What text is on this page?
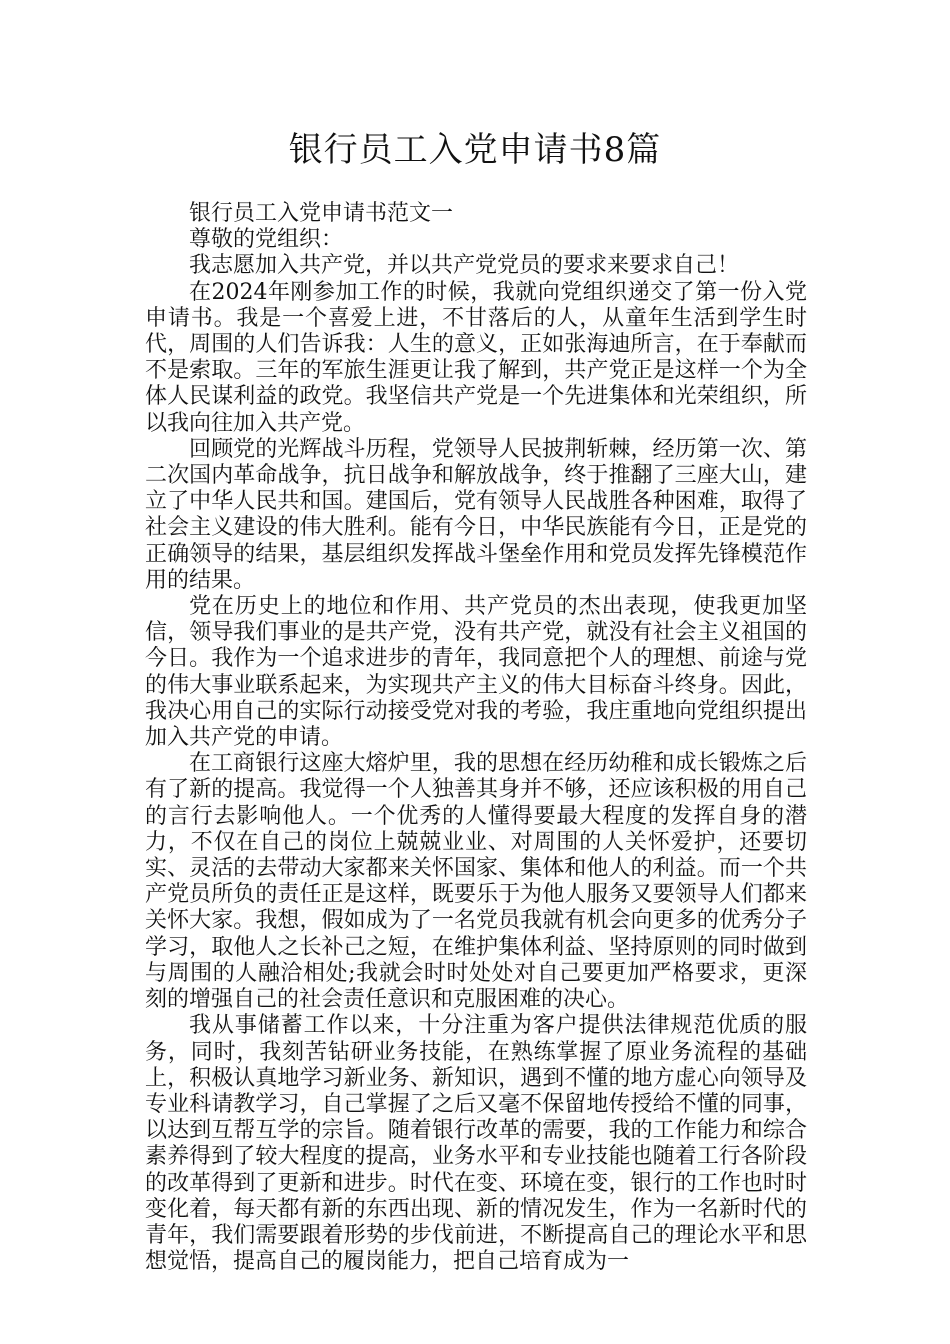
银行员工入党申请书8篇

银行员工入党申请书范文一

尊敬的党组织：

我志愿加入共产党，并以共产党党员的要求来要求自己！

在2024年刚参加工作的时候，我就向党组织递交了第一份入党申请书。我是一个喜爱上进，不甘落后的人，从童年生活到学生时代，周围的人们告诉我：人生的意义，正如张海迪所言，在于奉献而不是索取。三年的军旅生涯更让我了解到，共产党正是这样一个为全体人民谋利益的政党。我坚信共产党是一个先进集体和光荣组织，所以我向往加入共产党。

回顾党的光辉战斗历程，党领导人民披荆斩棘，经历第一次、第二次国内革命战争，抗日战争和解放战争，终于推翻了三座大山，建立了中华人民共和国。建国后，党有领导人民战胜各种困难，取得了社会主义建设的伟大胜利。能有今日，中华民族能有今日，正是党的正确领导的结果，基层组织发挥战斗堡垒作用和党员发挥先锋模范作用的结果。

党在历史上的地位和作用、共产党员的杰出表现，使我更加坚信，领导我们事业的是共产党，没有共产党，就没有社会主义祖国的今日。我作为一个追求进步的青年，我同意把个人的理想、前途与党的伟大事业联系起来，为实现共产主义的伟大目标奋斗终身。因此，我决心用自己的实际行动接受党对我的考验，我庄重地向党组织提出加入共产党的申请。

在工商银行这座大熔炉里，我的思想在经历幼稚和成长锻炼之后有了新的提高。我觉得一个人独善其身并不够，还应该积极的用自己的言行去影响他人。一个优秀的人懂得要最大程度的发挥自身的潜力，不仅在自己的岗位上兢兢业业、对周围的人关怀爱护，还要切实、灵活的去带动大家都来关怀国家、集体和他人的利益。而一个共产党员所负的责任正是这样，既要乐于为他人服务又要领导人们都来关怀大家。我想，假如成为了一名党员我就有机会向更多的优秀分子学习，取他人之长补己之短，在维护集体利益、坚持原则的同时做到与周围的人融洽相处;我就会时时处处对自己要更加严格要求，更深刻的增强自己的社会责任意识和克服困难的决心。

我从事储蓄工作以来，十分注重为客户提供法律规范优质的服务，同时，我刻苦钻研业务技能，在熟练掌握了原业务流程的基础上，积极认真地学习新业务、新知识，遇到不懂的地方虚心向领导及专业科请教学习，自己掌握了之后又毫不保留地传授给不懂的同事，以达到互帮互学的宗旨。随着银行改革的需要，我的工作能力和综合素养得到了较大程度的提高，业务水平和专业技能也随着工行各阶段的改革得到了更新和进步。时代在变、环境在变，银行的工作也时时变化着，每天都有新的东西出现、新的情况发生，作为一名新时代的青年，我们需要跟着形势的步伐前进，不断提高自己的理论水平和思想觉悟，提高自己的履岗能力，把自己培育成为一
